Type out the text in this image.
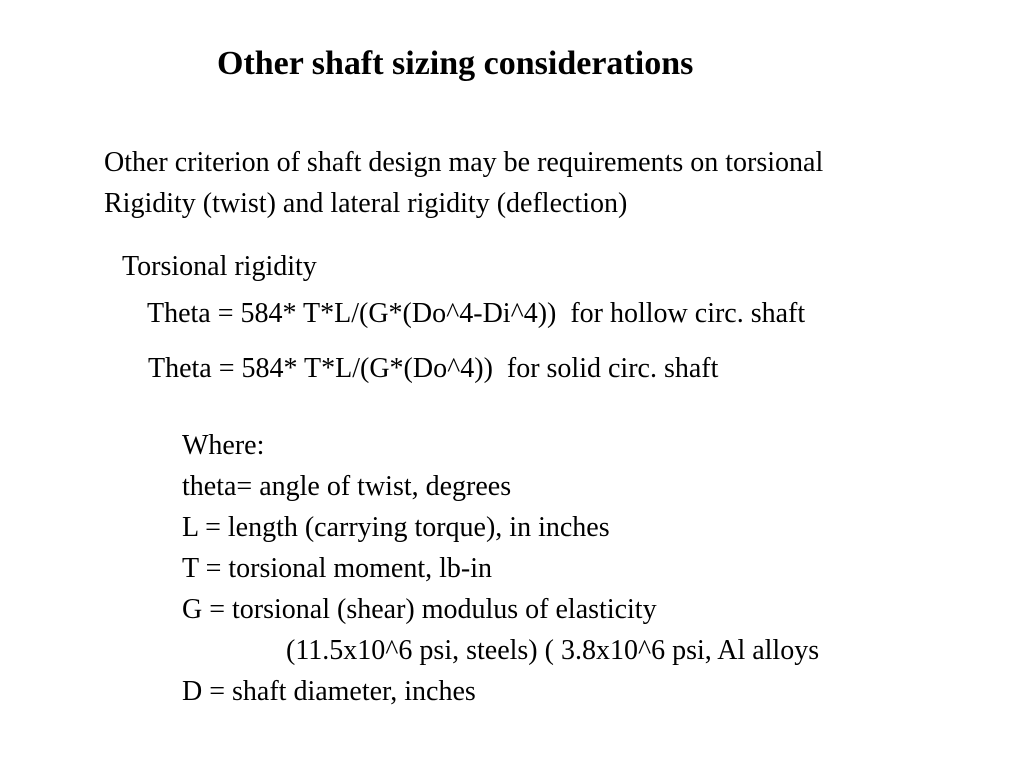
Other shaft sizing considerations
Other criterion of shaft design may be requirements on torsional
Rigidity (twist) and lateral rigidity (deflection)
Torsional rigidity
Theta = 584* T*L/(G*(Do^4-Di^4))  for hollow circ. shaft
Theta = 584* T*L/(G*(Do^4))  for solid circ. shaft
Where:
theta= angle of twist, degrees
L = length (carrying torque), in inches
T = torsional moment, lb-in
G = torsional (shear) modulus of elasticity
(11.5x10^6 psi, steels) ( 3.8x10^6 psi, Al alloys
D = shaft diameter, inches
